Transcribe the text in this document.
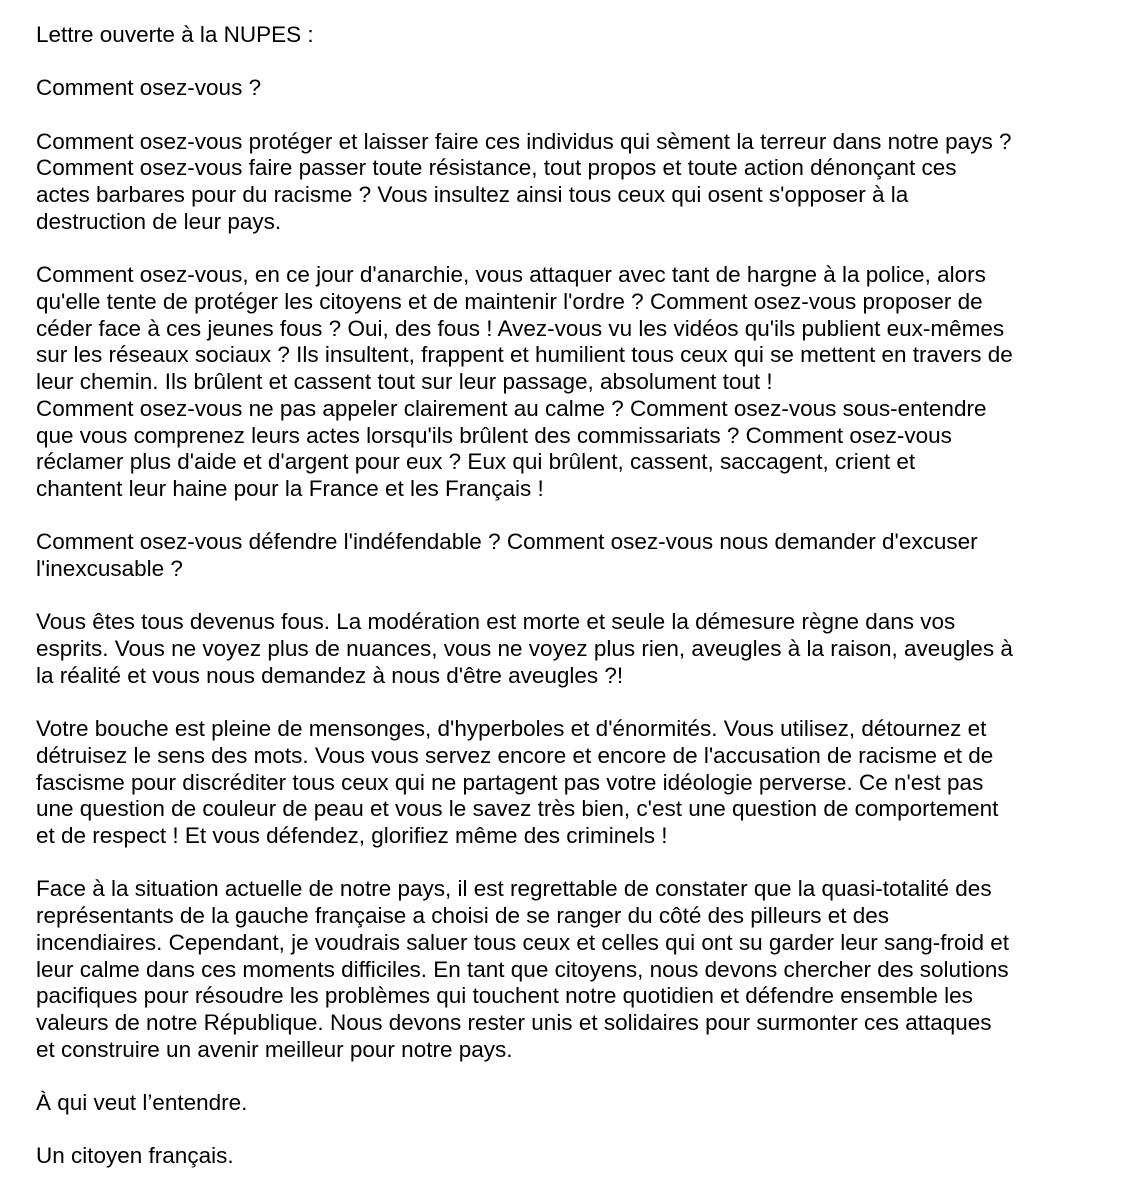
Lettre ouverte à la NUPES :

Comment osez-vous ?

Comment osez-vous protéger et laisser faire ces individus qui sèment la terreur dans notre pays ?
Comment osez-vous faire passer toute résistance, tout propos et toute action dénonçant ces
actes barbares pour du racisme ? Vous insultez ainsi tous ceux qui osent s'opposer à la
destruction de leur pays.

Comment osez-vous, en ce jour d'anarchie, vous attaquer avec tant de hargne à la police, alors
qu'elle tente de protéger les citoyens et de maintenir l'ordre ? Comment osez-vous proposer de
céder face à ces jeunes fous ? Oui, des fous ! Avez-vous vu les vidéos qu'ils publient eux-mêmes
sur les réseaux sociaux ? Ils insultent, frappent et humilient tous ceux qui se mettent en travers de
leur chemin. Ils brûlent et cassent tout sur leur passage, absolument tout !
Comment osez-vous ne pas appeler clairement au calme ? Comment osez-vous sous-entendre
que vous comprenez leurs actes lorsqu'ils brûlent des commissariats ? Comment osez-vous
réclamer plus d'aide et d'argent pour eux ? Eux qui brûlent, cassent, saccagent, crient et
chantent leur haine pour la France et les Français !

Comment osez-vous défendre l'indéfendable ? Comment osez-vous nous demander d'excuser
l'inexcusable ?

Vous êtes tous devenus fous. La modération est morte et seule la démesure règne dans vos
esprits. Vous ne voyez plus de nuances, vous ne voyez plus rien, aveugles à la raison, aveugles à
la réalité et vous nous demandez à nous d'être aveugles ?!

Votre bouche est pleine de mensonges, d'hyperboles et d'énormités. Vous utilisez, détournez et
détruisez le sens des mots. Vous vous servez encore et encore de l'accusation de racisme et de
fascisme pour discréditer tous ceux qui ne partagent pas votre idéologie perverse. Ce n'est pas
une question de couleur de peau et vous le savez très bien, c'est une question de comportement
et de respect ! Et vous défendez, glorifiez même des criminels !

Face à la situation actuelle de notre pays, il est regrettable de constater que la quasi-totalité des
représentants de la gauche française a choisi de se ranger du côté des pilleurs et des
incendiaires. Cependant, je voudrais saluer tous ceux et celles qui ont su garder leur sang-froid et
leur calme dans ces moments difficiles. En tant que citoyens, nous devons chercher des solutions
pacifiques pour résoudre les problèmes qui touchent notre quotidien et défendre ensemble les
valeurs de notre République. Nous devons rester unis et solidaires pour surmonter ces attaques
et construire un avenir meilleur pour notre pays.

À qui veut l’entendre.

Un citoyen français.
